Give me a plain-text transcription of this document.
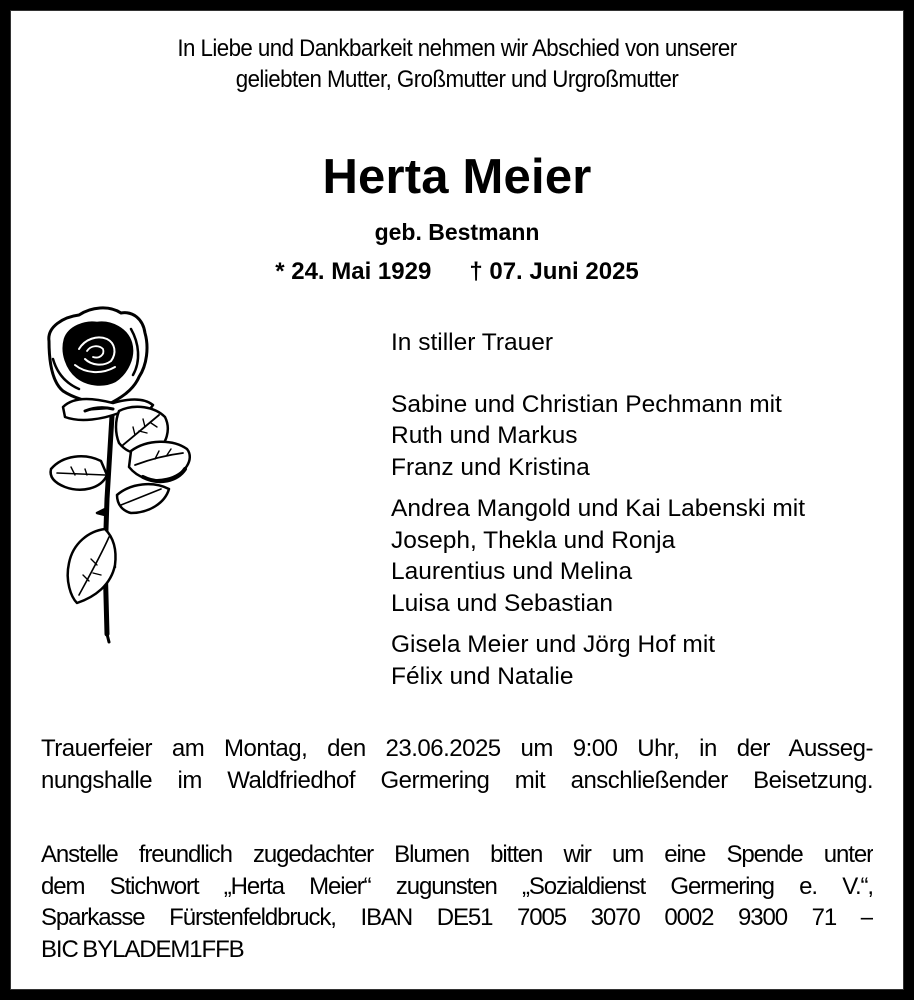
In Liebe und Dankbarkeit nehmen wir Abschied von unserer
geliebten Mutter, Großmutter und Urgroßmutter
Herta Meier
geb. Bestmann
* 24. Mai 1929 † 07. Juni 2025
In stiller Trauer
Sabine und Christian Pechmann mit
Ruth und Markus
Franz und Kristina
Andrea Mangold und Kai Labenski mit
Joseph, Thekla und Ronja
Laurentius und Melina
Luisa und Sebastian
Gisela Meier und Jörg Hof mit
Félix und Natalie
Trauerfeier am Montag, den 23.06.2025 um 9:00 Uhr, in der Ausseg-
nungshalle im Waldfriedhof Germering mit anschließender Beisetzung.
Anstelle freundlich zugedachter Blumen bitten wir um eine Spende unter
dem Stichwort „Herta Meier“ zugunsten „Sozialdienst Germering e. V.“,
Sparkasse Fürstenfeldbruck, IBAN DE51 7005 3070 0002 9300 71 –
BIC BYLADEM1FFB
